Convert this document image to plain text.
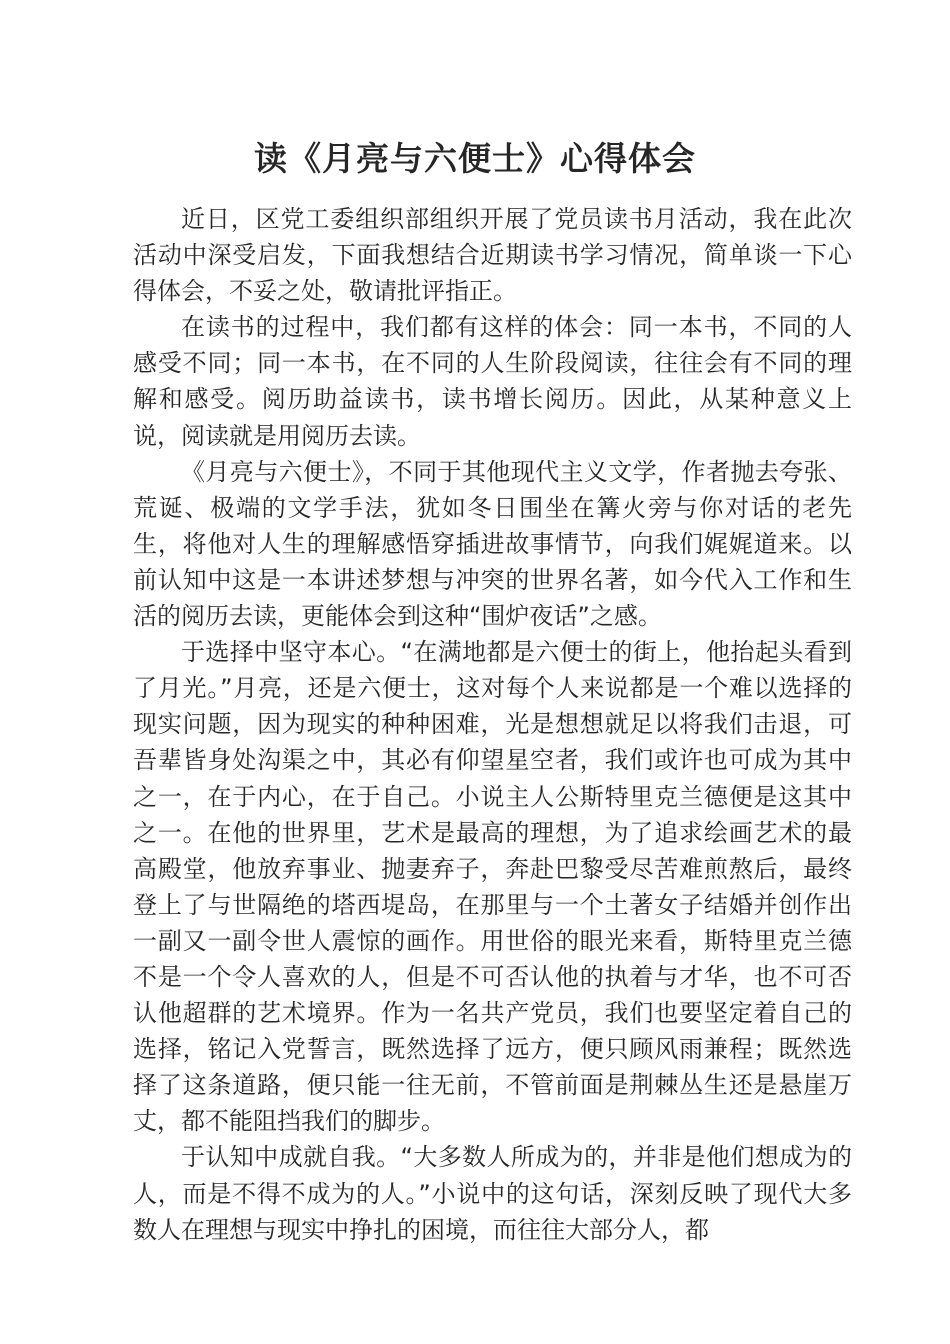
读《月亮与六便士》心得体会

近日，区党工委组织部组织开展了党员读书月活动，我在此次活动中深受启发，下面我想结合近期读书学习情况，简单谈一下心得体会，不妥之处，敬请批评指正。

在读书的过程中，我们都有这样的体会：同一本书，不同的人感受不同；同一本书，在不同的人生阶段阅读，往往会有不同的理解和感受。阅历助益读书，读书增长阅历。因此，从某种意义上说，阅读就是用阅历去读。

《月亮与六便士》，不同于其他现代主义文学，作者抛去夸张、荒诞、极端的文学手法，犹如冬日围坐在篝火旁与你对话的老先生，将他对人生的理解感悟穿插进故事情节，向我们娓娓道来。以前认知中这是一本讲述梦想与冲突的世界名著，如今代入工作和生活的阅历去读，更能体会到这种“围炉夜话”之感。

于选择中坚守本心。“在满地都是六便士的街上，他抬起头看到了月光。”月亮，还是六便士，这对每个人来说都是一个难以选择的现实问题，因为现实的种种困难，光是想想就足以将我们击退，可吾辈皆身处沟渠之中，其必有仰望星空者，我们或许也可成为其中之一，在于内心，在于自己。小说主人公斯特里克兰德便是这其中之一。在他的世界里，艺术是最高的理想，为了追求绘画艺术的最高殿堂，他放弃事业、抛妻弃子，奔赴巴黎受尽苦难煎熬后，最终登上了与世隔绝的塔西堤岛，在那里与一个土著女子结婚并创作出一副又一副令世人震惊的画作。用世俗的眼光来看，斯特里克兰德不是一个令人喜欢的人，但是不可否认他的执着与才华，也不可否认他超群的艺术境界。作为一名共产党员，我们也要坚定着自己的选择，铭记入党誓言，既然选择了远方，便只顾风雨兼程；既然选择了这条道路，便只能一往无前，不管前面是荆棘丛生还是悬崖万丈，都不能阻挡我们的脚步。

于认知中成就自我。“大多数人所成为的，并非是他们想成为的人，而是不得不成为的人。”小说中的这句话，深刻反映了现代大多数人在理想与现实中挣扎的困境，而往往大部分人，都
